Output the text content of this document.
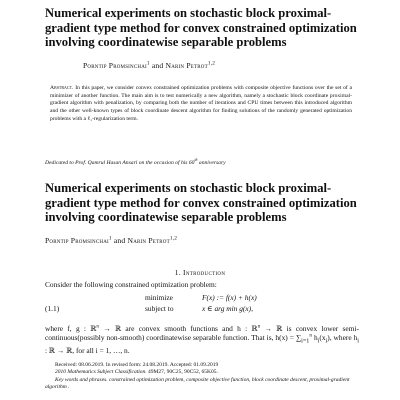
Numerical experiments on stochastic block proximal-gradient type method for convex constrained optimization involving coordinatewise separable problems
Porntip Promsinchai$^1$ and Narin Petrot$^{1,2}$
Abstract. In this paper, we consider convex constrained optimization problems with composite objective functions over the set of a minimizer of another function. The main aim is to test numerically a new algorithm, namely a stochastic block coordinate proximal-gradient algorithm with penalization, by comparing both the number of iterations and CPU times between this introduced algorithm and the other well-known types of block coordinate descent algorithm for finding solutions of the randomly generated optimization problems with a ℓ₁-regularization term.
Dedicated to Prof. Qamrul Hasan Ansari on the occasion of his 60th anniversary
Numerical experiments on stochastic block proximal-gradient type method for convex constrained optimization involving coordinatewise separable problems
Porntip Promsinchai$^1$ and Narin Petrot$^{1,2}$
1. Introduction
Consider the following constrained optimization problem:
(1.1)
minimize	F(x) := f(x) + h(x)
subject to	x ∈ arg min g(x),
where f, g : ℝ$^n$ → ℝ are convex smooth functions and h : ℝ$^n$ → ℝ is convex lower semi-continuous(possibly non-smooth) coordinatewise separable function. That is, $h(x) = \sum_{i=1}^n$ $h_i(x_i)$, where $h_i$ : ℝ → ℝ, for all i = 1, …, n.

Received: 08.06.2019. In revised form: 24.08.2019. Accepted: 01.09.2019

2010 Mathematics Subject Classification. 49M27, 90C25, 90C52, 65K05.

Key words and phrases. constrained optimization problem, composite objective function, block coordinate descent, proximal-gradient algorithm .
